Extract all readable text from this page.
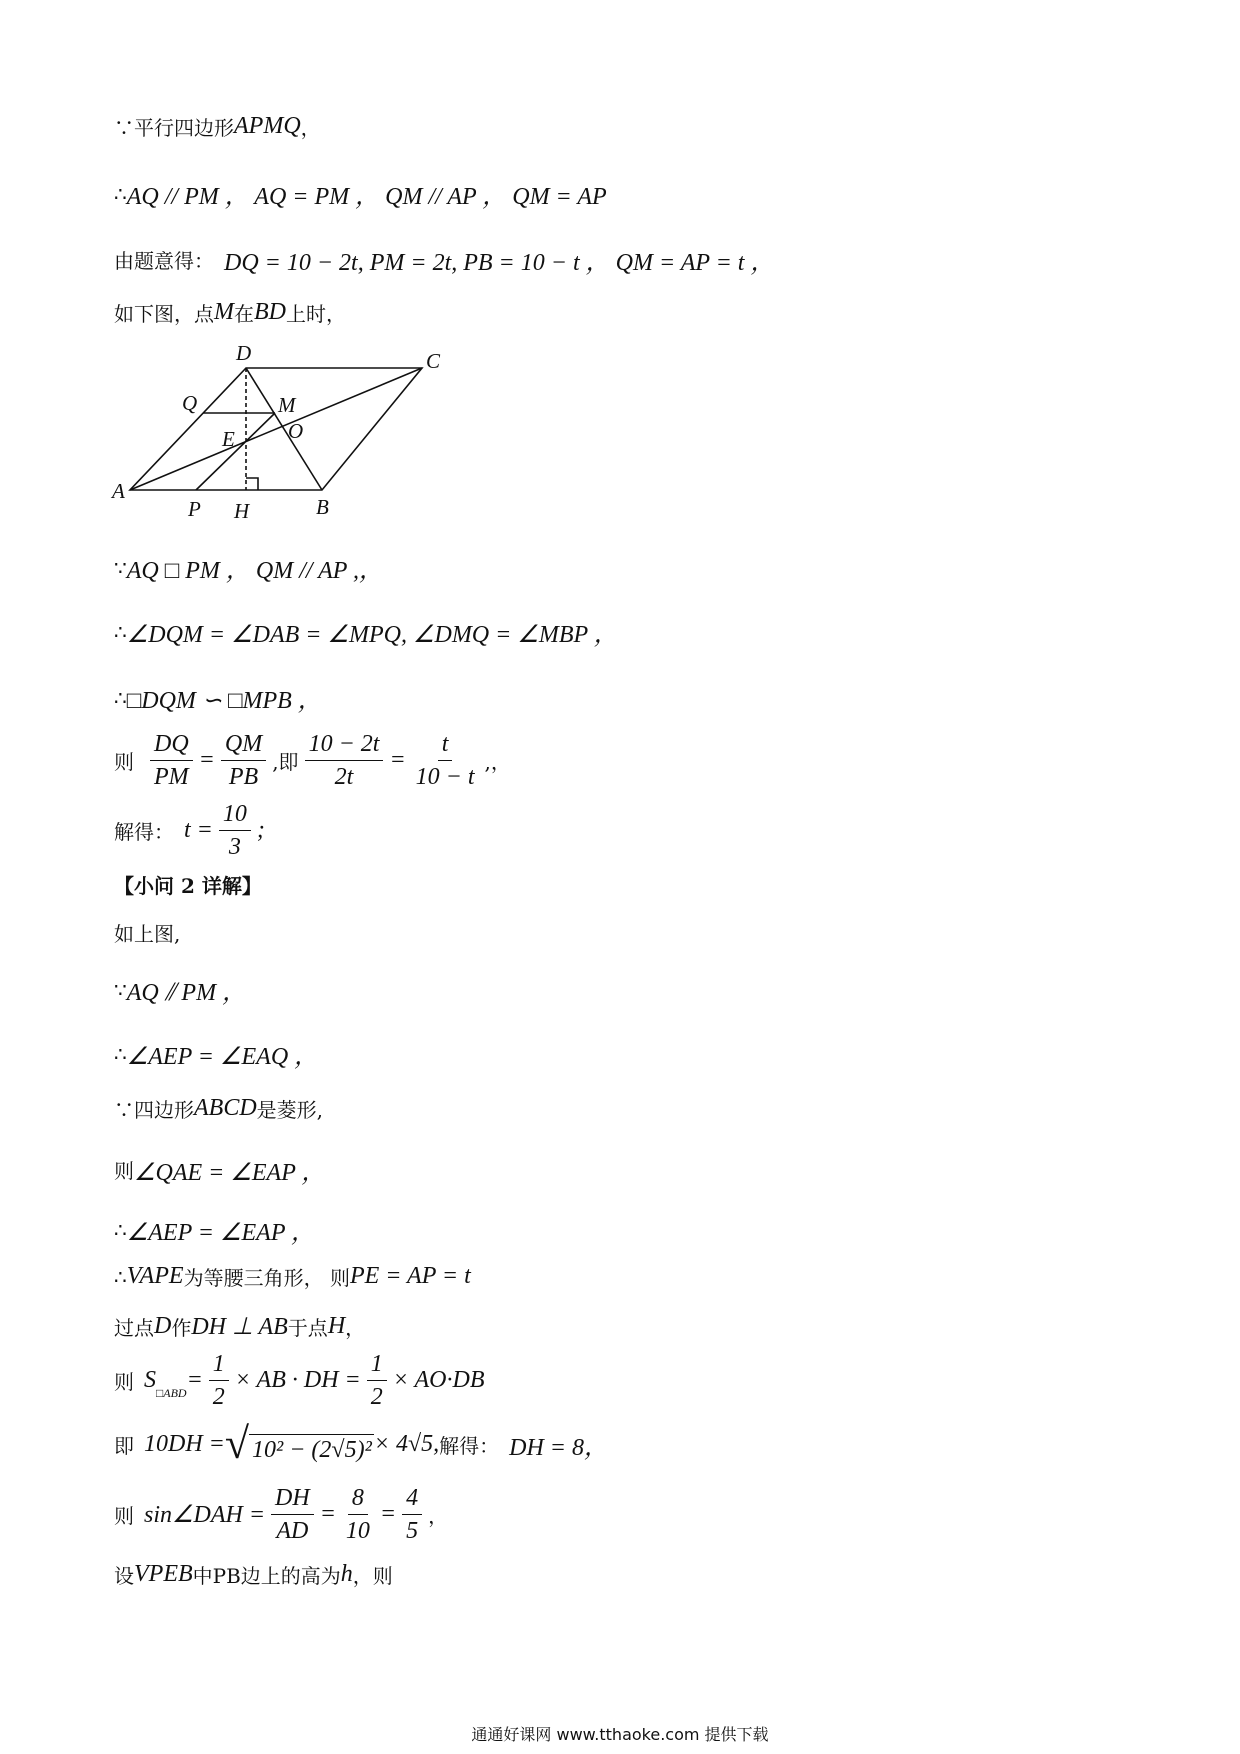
∵平行四边形 APMQ ，
∴ AQ // PM ， AQ = PM ， QM // AP ， QM = AP
由题意得： DQ = 10 − 2t, PM = 2t, PB = 10 − t ， QM = AP = t ，
如下图，点 M 在 BD 上时，
A
B
C
D
Q	M
O
E
P H
∵ AQ □ PM ， QM // AP ,，
∴ ∠DQM = ∠DAB = ∠MPQ, ∠DMQ = ∠MBP ，
∴ □DQM ∽ □MPB ，
则 $\frac{DQ}{PM} = \frac{QM}{PB}$ ,即 $\frac{10 - 2t}{2t} = \frac{t}{10 - t}$ ,，
解得： $t = \frac{10}{3}$ ;
【小问 2 详解】
如上图,
∵ AQ ⫽ PM ，
∴ ∠AEP = ∠EAQ ，
∵四边形 ABCD 是菱形,
则 ∠QAE = ∠EAP ，
∴ ∠AEP = ∠EAP ，
∴ VAPE 为等腰三角形， 则 PE = AP = t
过点 D 作 DH ⊥ AB 于点 H ，
则 S □ABD = $\frac{1}{2}$ × AB · DH = $\frac{1}{2} \times AO\cdot DB$
即 10DH = √ 10² − (2√5)² × 4√5, 解得： DH = 8，
则 sin∠DAH = $\frac{DH}{AD} = \frac{8}{10} = \frac{4}{5}$ ，
设 VPEB 中PB边上的高为 h ，则
通通好课网 www.tthaoke.com 提供下载
